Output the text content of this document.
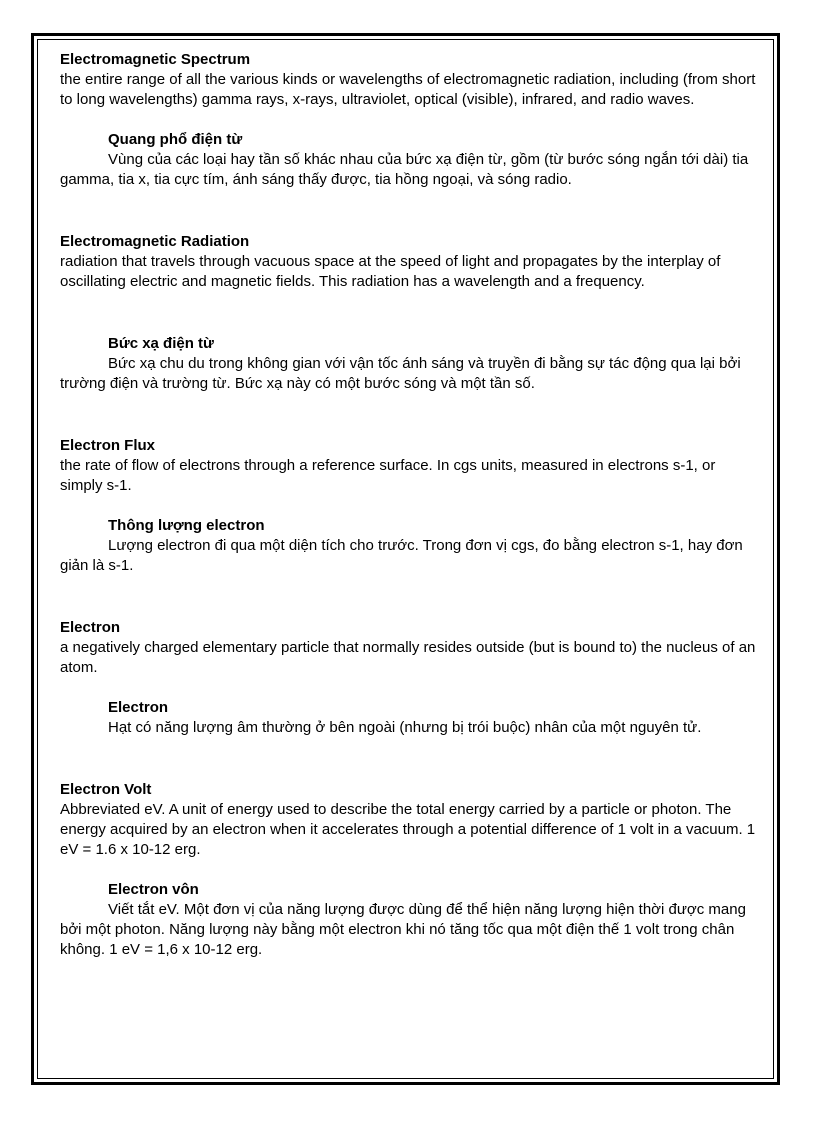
Electromagnetic Spectrum

the entire range of all the various kinds or wavelengths of electromagnetic radiation, including (from short to long wavelengths) gamma rays, x-rays, ultraviolet, optical (visible), infrared, and radio waves.

Quang phổ điện từ

Vùng của các loại hay tần số khác nhau của bức xạ điện từ, gồm (từ bước sóng ngắn tới dài) tia gamma, tia x, tia cực tím, ánh sáng thấy được, tia hồng ngoại, và sóng radio.

Electromagnetic Radiation

radiation that travels through vacuous space at the speed of light and propagates by the interplay of oscillating electric and magnetic fields. This radiation has a wavelength and a frequency.

Bức xạ điện từ

Bức xạ chu du trong không gian với vận tốc ánh sáng và truyền đi bằng sự tác động qua lại bởi trường điện và trường từ. Bức xạ này có một bước sóng và một tần số.

Electron Flux

the rate of flow of electrons through a reference surface. In cgs units, measured in electrons s-1, or simply s-1.

Thông lượng electron

Lượng electron đi qua một diện tích cho trước. Trong đơn vị cgs, đo bằng electron s-1, hay đơn giản là s-1.

Electron

a negatively charged elementary particle that normally resides outside (but is bound to) the nucleus of an atom.

Electron

Hạt có năng lượng âm thường ở bên ngoài (nhưng bị trói buộc) nhân của một nguyên tử.

Electron Volt

Abbreviated eV. A unit of energy used to describe the total energy carried by a particle or photon. The energy acquired by an electron when it accelerates through a potential difference of 1 volt in a vacuum. 1 eV = 1.6 x 10-12 erg.

Electron vôn

Viết tắt eV. Một đơn vị của năng lượng được dùng để thể hiện năng lượng hiện thời được mang bởi một photon. Năng lượng này bằng một electron khi nó tăng tốc qua một điện thế 1 volt trong chân không. 1 eV = 1,6 x 10-12 erg.
